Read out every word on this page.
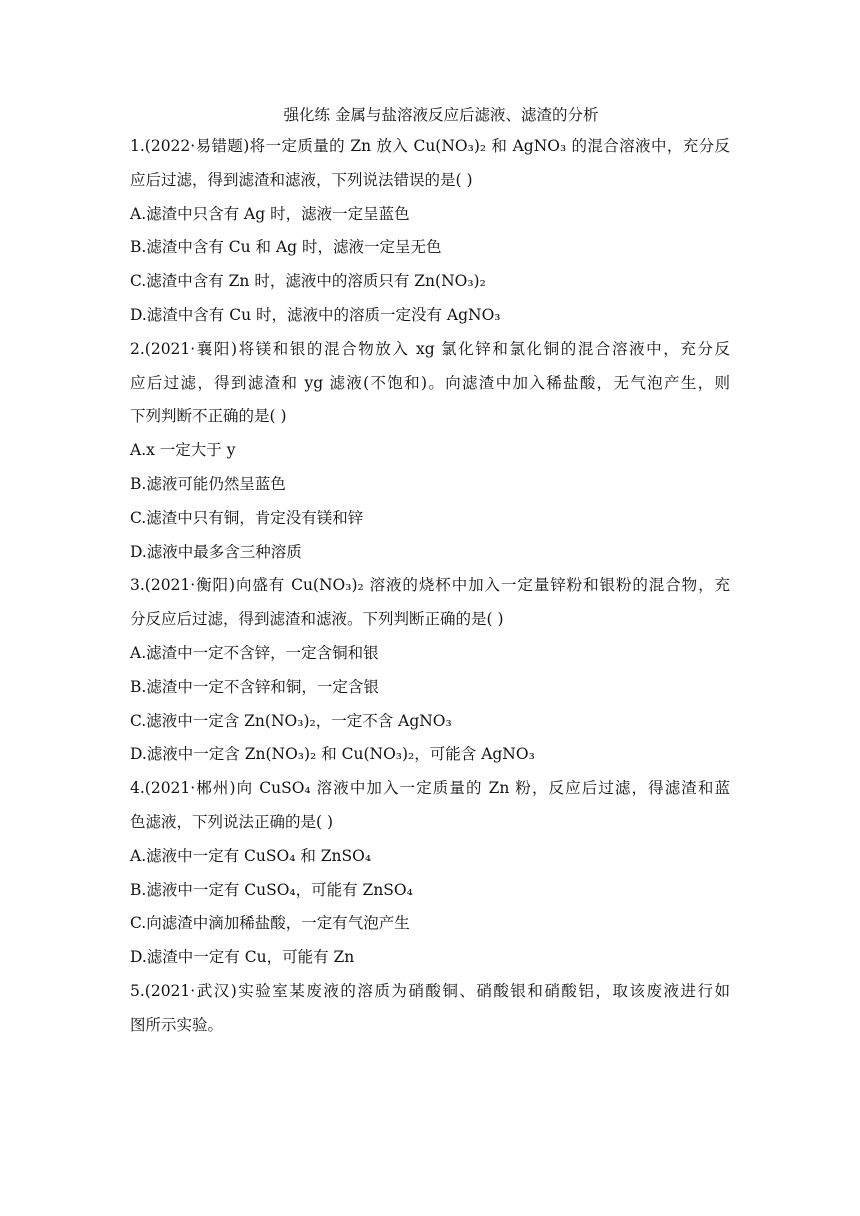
强化练 金属与盐溶液反应后滤液、滤渣的分析
1.(2022·易错题)将一定质量的 Zn 放入 Cu(NO₃)₂ 和 AgNO₃ 的混合溶液中，充分反
应后过滤，得到滤渣和滤液，下列说法错误的是( )
A.滤渣中只含有 Ag 时，滤液一定呈蓝色
B.滤渣中含有 Cu 和 Ag 时，滤液一定呈无色
C.滤渣中含有 Zn 时，滤液中的溶质只有 Zn(NO₃)₂
D.滤渣中含有 Cu 时，滤液中的溶质一定没有 AgNO₃
2.(2021·襄阳)将镁和银的混合物放入 xg 氯化锌和氯化铜的混合溶液中，充分反
应后过滤，得到滤渣和 yg 滤液(不饱和)。向滤渣中加入稀盐酸，无气泡产生，则
下列判断不正确的是( )
A.x 一定大于 y
B.滤液可能仍然呈蓝色
C.滤渣中只有铜，肯定没有镁和锌
D.滤液中最多含三种溶质
3.(2021·衡阳)向盛有 Cu(NO₃)₂ 溶液的烧杯中加入一定量锌粉和银粉的混合物，充
分反应后过滤，得到滤渣和滤液。下列判断正确的是( )
A.滤渣中一定不含锌，一定含铜和银
B.滤渣中一定不含锌和铜，一定含银
C.滤液中一定含 Zn(NO₃)₂，一定不含 AgNO₃
D.滤液中一定含 Zn(NO₃)₂ 和 Cu(NO₃)₂，可能含 AgNO₃
4.(2021·郴州)向 CuSO₄ 溶液中加入一定质量的 Zn 粉，反应后过滤，得滤渣和蓝
色滤液，下列说法正确的是( )
A.滤液中一定有 CuSO₄ 和 ZnSO₄
B.滤液中一定有 CuSO₄，可能有 ZnSO₄
C.向滤渣中滴加稀盐酸，一定有气泡产生
D.滤渣中一定有 Cu，可能有 Zn
5.(2021·武汉)实验室某废液的溶质为硝酸铜、硝酸银和硝酸铝，取该废液进行如
图所示实验。
